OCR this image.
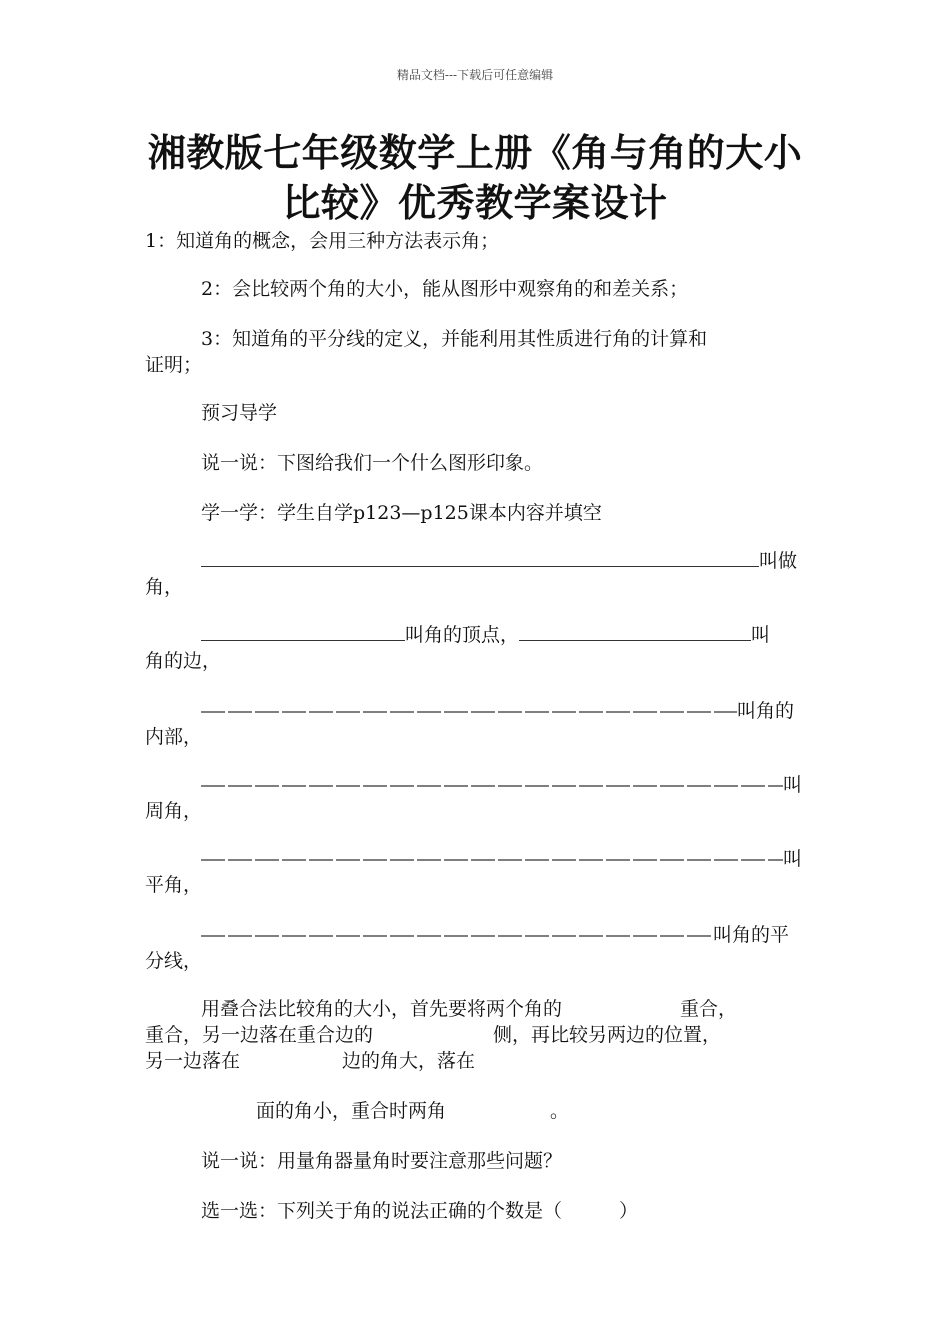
精品文档---下载后可任意编辑
湘教版七年级数学上册《角与角的大小
比较》优秀教学案设计
1：知道角的概念，会用三种方法表示角；
2：会比较两个角的大小，能从图形中观察角的和差关系；
3：知道角的平分线的定义，并能利用其性质进行角的计算和
证明；
预习导学
说一说：下图给我们一个什么图形印象。
学一学：学生自学p123—p125课本内容并填空
叫做
角，
叫角的顶点，	叫
角的边，
叫角的
内部，
叫
周角，
叫
平角，
叫角的平
分线，
用叠合法比较角的大小，首先要将两个角的	重合，
重合，另一边落在重合边的	侧，再比较另两边的位置，
另一边落在	边的角大，落在
面的角小，重合时两角	。
说一说：用量角器量角时要注意那些问题？
选一选：下列关于角的说法正确的个数是（　　　）
